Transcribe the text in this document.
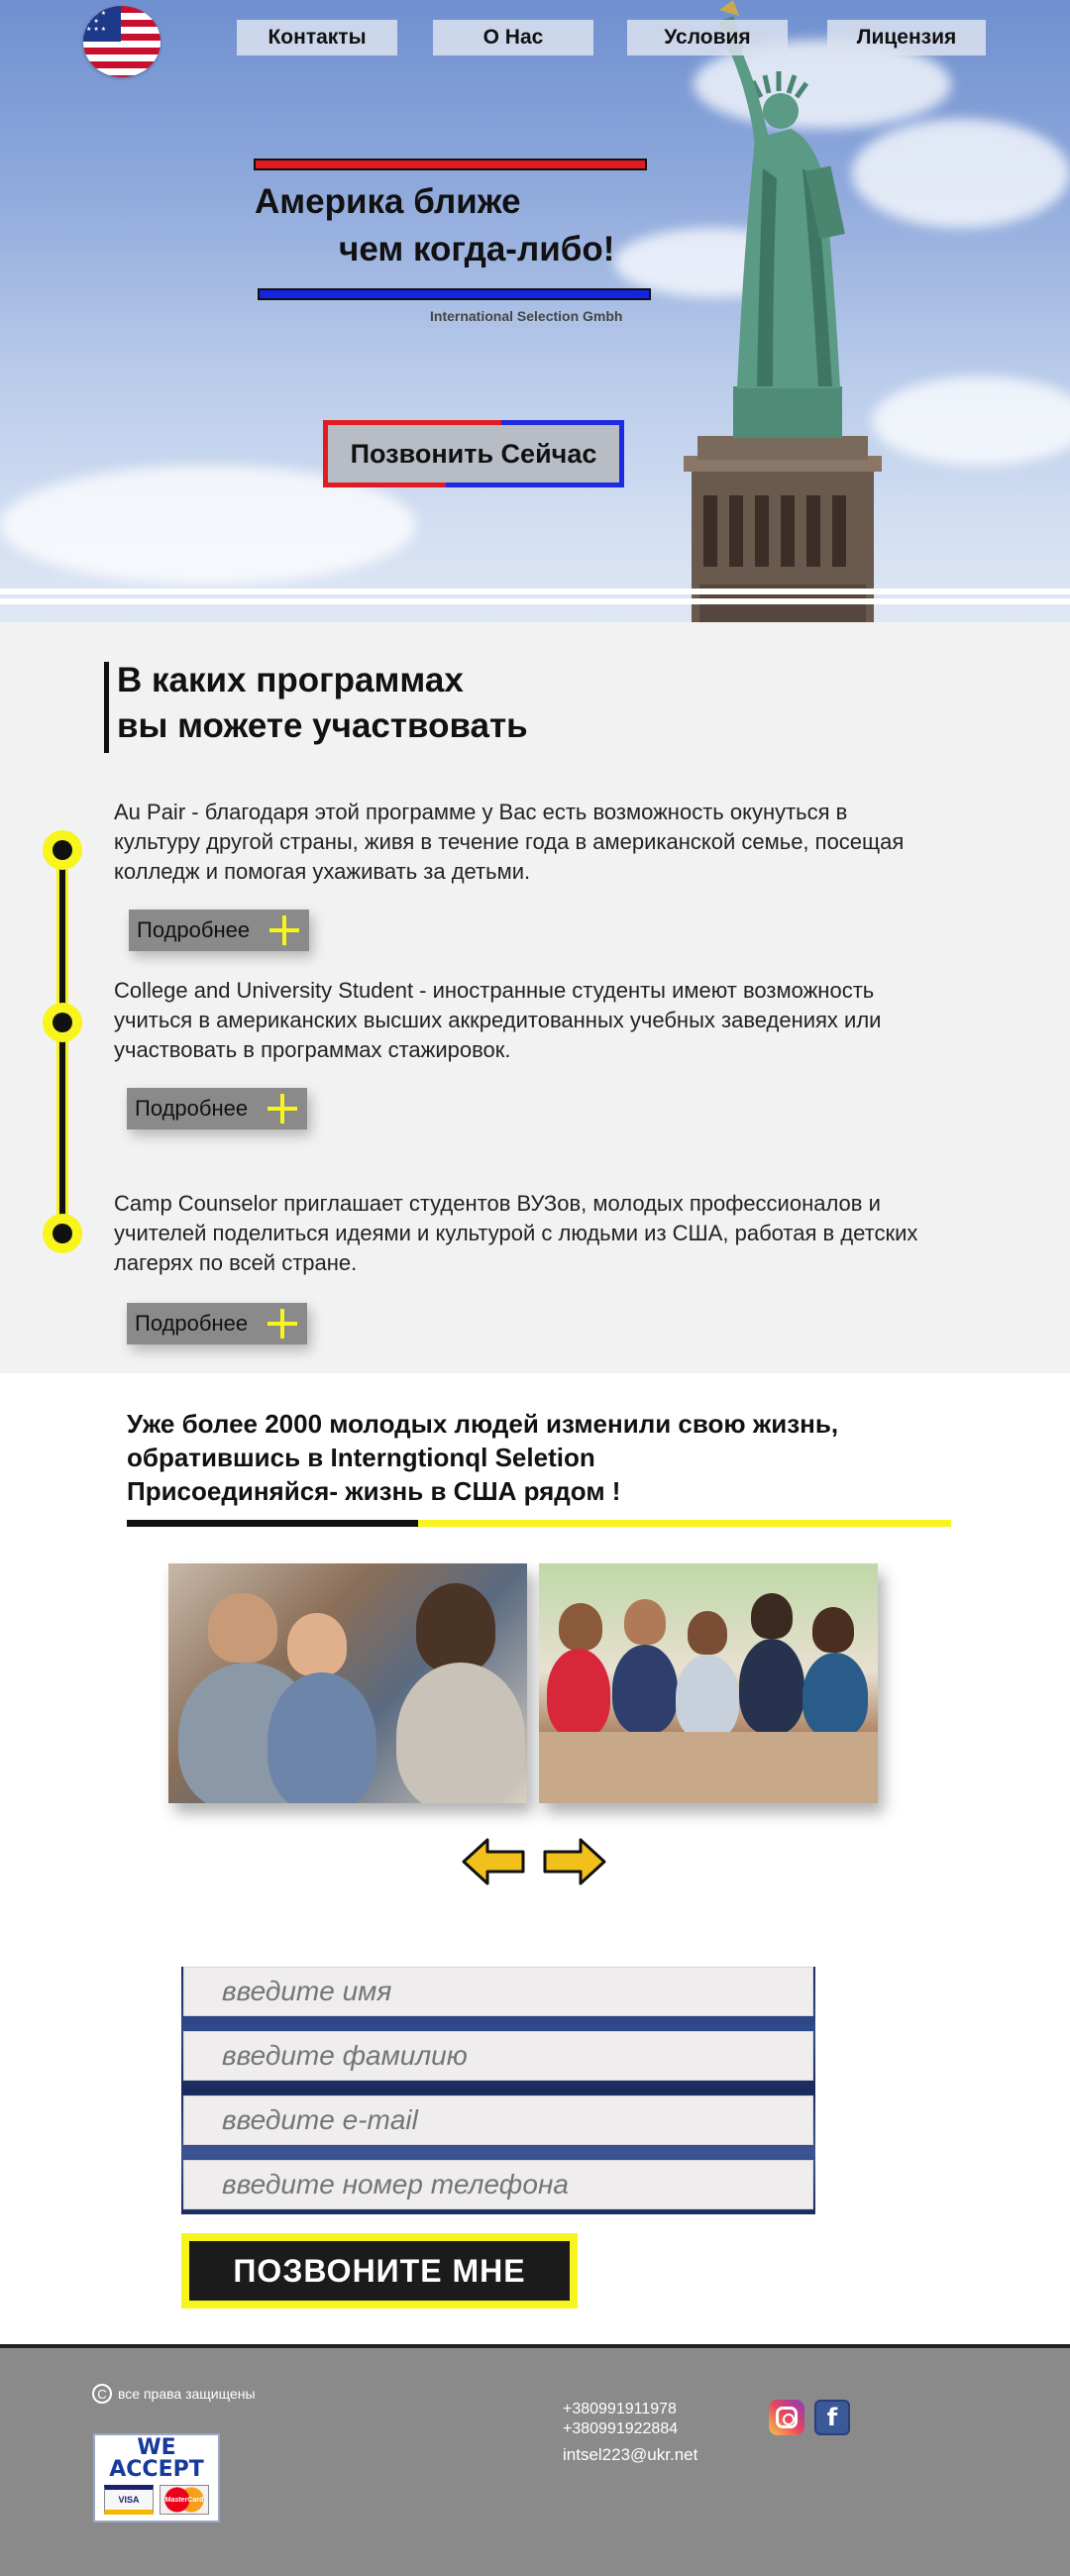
★★★ ★★ ★★★	Контакты	О Нас	Условия	Лицензия
Америка ближе
чем когда-либо!
International Selection Gmbh
Позвонить Сейчас
В каких программах
вы можете участвовать
Au Pair - благодаря этой программе у Вас есть возможность окунуться в культуру другой страны, живя в течение года в американской семье, посещая колледж и помогая ухаживать за детьми.
Подробнее
College and University Student - иностранные студенты имеют возможность учиться в американских высших аккредитованных учебных заведениях или участвовать в программах стажировок.
Подробнее
Camp Counselor приглашает студентов ВУЗов, молодых профессионалов и учителей поделиться идеями и культурой с людьми из США, работая в детских лагерях по всей стране.
Подробнее
Уже более 2000 молодых людей изменили свою жизнь,
обратившись в Interngtionql Seletion
Присоединяйся- жизнь в США рядом !
введите имя
введите фамилию
введите e-mail
введите номер телефона
ПОЗВОНИТЕ МНЕ
C все права защищены
WE
ACCEPT
VISA	MasterCard
+380991911978
+380991922884
intsel223@ukr.net
f
